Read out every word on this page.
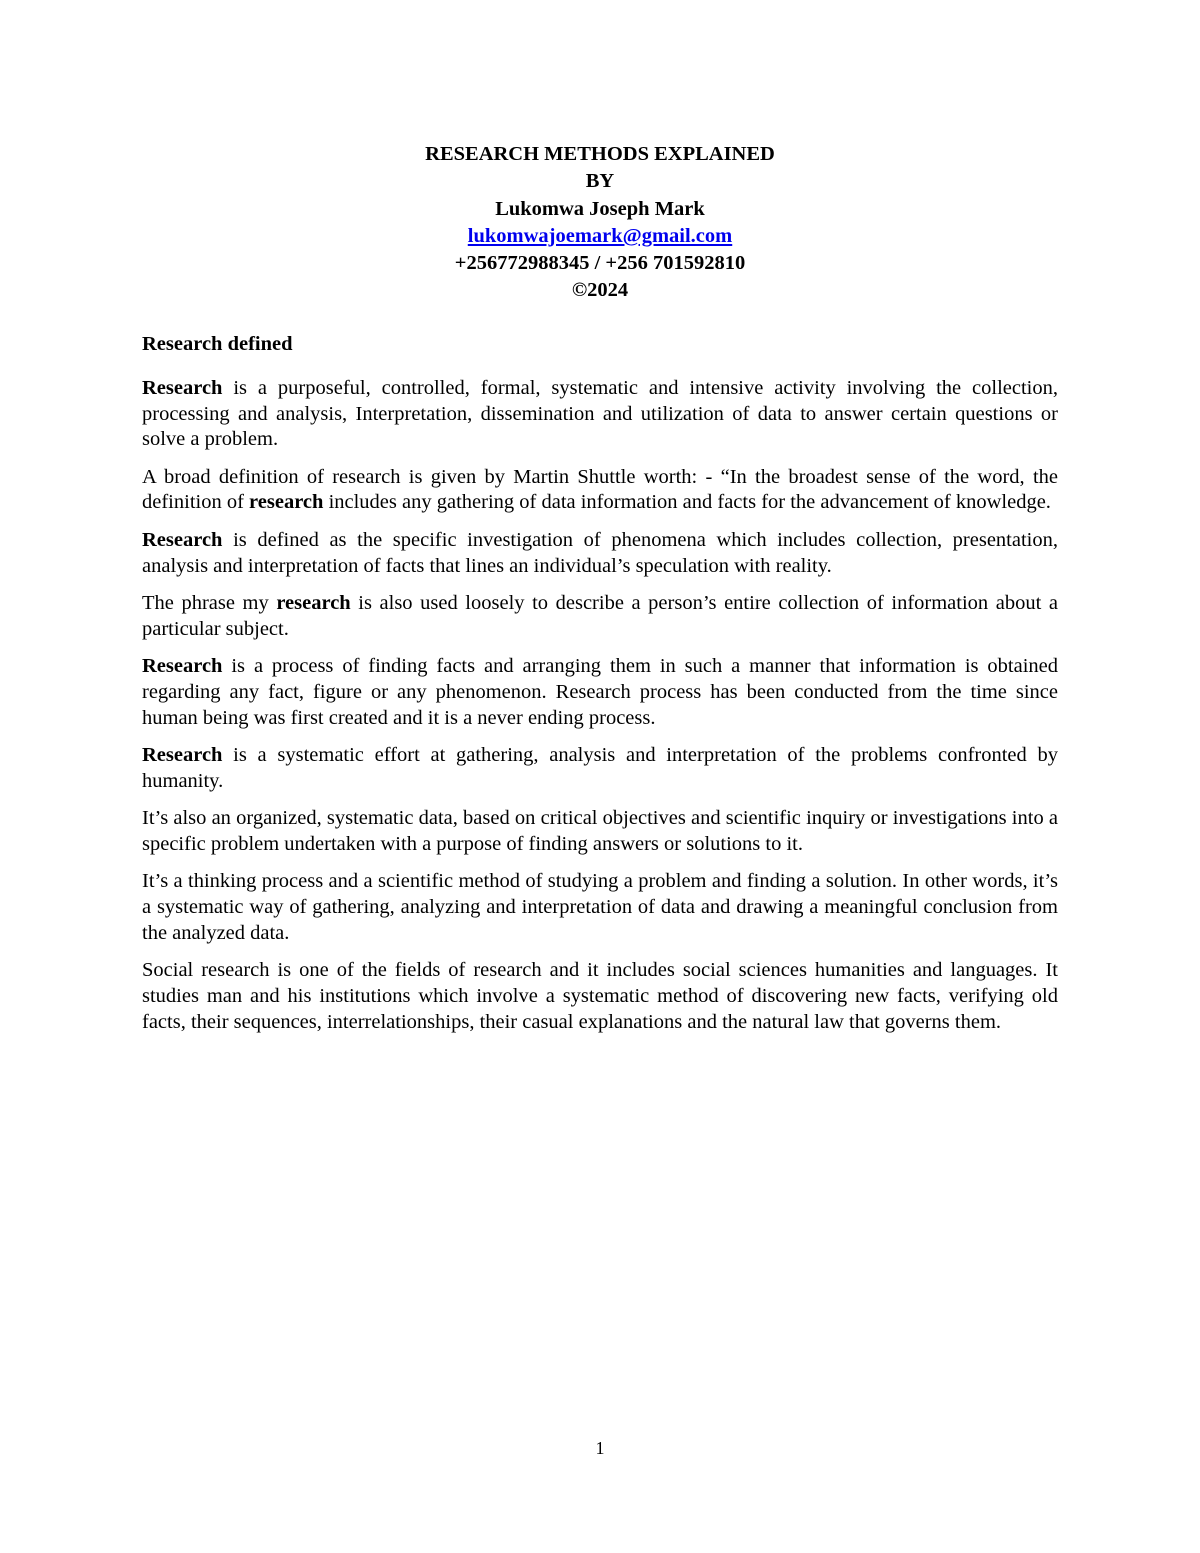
RESEARCH METHODS EXPLAINED
BY
Lukomwa Joseph Mark
lukomwajoemark@gmail.com
+256772988345 / +256 701592810
©2024
Research defined

Research is a purposeful, controlled, formal, systematic and intensive activity involving the collection, processing and analysis, Interpretation, dissemination and utilization of data to answer certain questions or solve a problem.

A broad definition of research is given by Martin Shuttle worth: - “In the broadest sense of the word, the definition of research includes any gathering of data information and facts for the advancement of knowledge.

Research is defined as the specific investigation of phenomena which includes collection, presentation, analysis and interpretation of facts that lines an individual’s speculation with reality.

The phrase my research is also used loosely to describe a person’s entire collection of information about a particular subject.

Research is a process of finding facts and arranging them in such a manner that information is obtained regarding any fact, figure or any phenomenon. Research process has been conducted from the time since human being was first created and it is a never ending process.

Research is a systematic effort at gathering, analysis and interpretation of the problems confronted by humanity.

It’s also an organized, systematic data, based on critical objectives and scientific inquiry or investigations into a specific problem undertaken with a purpose of finding answers or solutions to it.

It’s a thinking process and a scientific method of studying a problem and finding a solution. In other words, it’s a systematic way of gathering, analyzing and interpretation of data and drawing a meaningful conclusion from the analyzed data.

Social research is one of the fields of research and it includes social sciences humanities and languages. It studies man and his institutions which involve a systematic method of discovering new facts, verifying old facts, their sequences, interrelationships, their casual explanations and the natural law that governs them.

1
